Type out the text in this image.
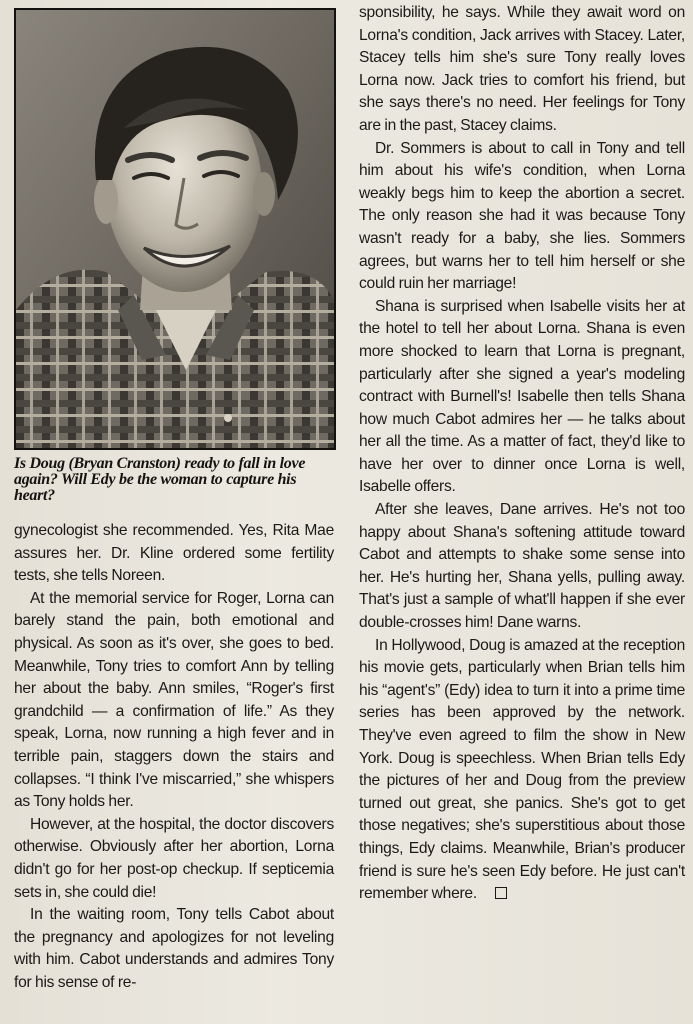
Is Doug (Bryan Cranston) ready to fall in love again? Will Edy be the woman to capture his heart?

gynecologist she recommended. Yes, Rita Mae assures her. Dr. Kline ordered some fertility tests, she tells Noreen.

At the memorial service for Roger, Lorna can barely stand the pain, both emotional and physical. As soon as it's over, she goes to bed. Meanwhile, Tony tries to comfort Ann by telling her about the baby. Ann smiles, “Roger's first grandchild — a confirmation of life.” As they speak, Lorna, now running a high fever and in terrible pain, staggers down the stairs and collapses. “I think I've miscarried,” she whispers as Tony holds her.

However, at the hospital, the doctor discovers otherwise. Obviously after her abortion, Lorna didn't go for her post-op checkup. If septicemia sets in, she could die!

In the waiting room, Tony tells Cabot about the pregnancy and apologizes for not leveling with him. Cabot understands and admires Tony for his sense of re-

sponsibility, he says. While they await word on Lorna's condition, Jack arrives with Stacey. Later, Stacey tells him she's sure Tony really loves Lorna now. Jack tries to comfort his friend, but she says there's no need. Her feelings for Tony are in the past, Stacey claims.

Dr. Sommers is about to call in Tony and tell him about his wife's condition, when Lorna weakly begs him to keep the abortion a secret. The only reason she had it was because Tony wasn't ready for a baby, she lies. Sommers agrees, but warns her to tell him herself or she could ruin her marriage!

Shana is surprised when Isabelle visits her at the hotel to tell her about Lorna. Shana is even more shocked to learn that Lorna is pregnant, particularly after she signed a year's modeling contract with Burnell's! Isabelle then tells Shana how much Cabot admires her — he talks about her all the time. As a matter of fact, they'd like to have her over to dinner once Lorna is well, Isabelle offers.

After she leaves, Dane arrives. He's not too happy about Shana's softening attitude toward Cabot and attempts to shake some sense into her. He's hurting her, Shana yells, pulling away. That's just a sample of what'll happen if she ever double-crosses him! Dane warns.

In Hollywood, Doug is amazed at the reception his movie gets, particularly when Brian tells him his “agent's” (Edy) idea to turn it into a prime time series has been approved by the network. They've even agreed to film the show in New York. Doug is speechless. When Brian tells Edy the pictures of her and Doug from the preview turned out great, she panics. She's got to get those negatives; she's superstitious about those things, Edy claims. Meanwhile, Brian's producer friend is sure he's seen Edy before. He just can't remember where.
